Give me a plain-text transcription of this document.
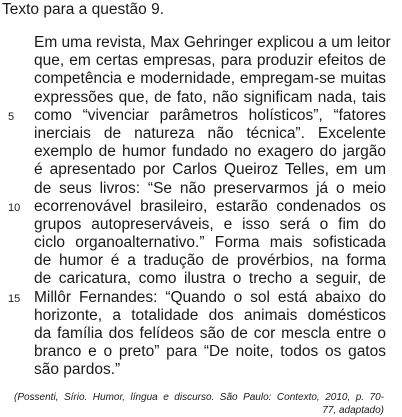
Texto para a questão 9.
Em uma revista, Max Gehringer explicou a um leitor
que, em certas empresas, para produzir efeitos de
competência e modernidade, empregam-se muitas
expressões que, de fato, não significam nada, tais
5	como “vivenciar parâmetros holísticos”, “fatores
inerciais de natureza não técnica”. Excelente
exemplo de humor fundado no exagero do jargão
é apresentado por Carlos Queiroz Telles, em um
de seus livros: “Se não preservarmos já o meio
10 ecorrenovável brasileiro, estarão condenados os
grupos autopreserváveis, e isso será o fim do
ciclo organoalternativo.” Forma mais sofisticada
de humor é a tradução de provérbios, na forma
de caricatura, como ilustra o trecho a seguir, de
15 Millôr Fernandes: “Quando o sol está abaixo do
horizonte, a totalidade dos animais domésticos
da família dos felídeos são de cor mescla entre o
branco e o preto” para “De noite, todos os gatos
são pardos.”
(Possenti, Sírio. Humor, língua e discurso. São Paulo: Contexto, 2010, p. 70-
77, adaptado)
